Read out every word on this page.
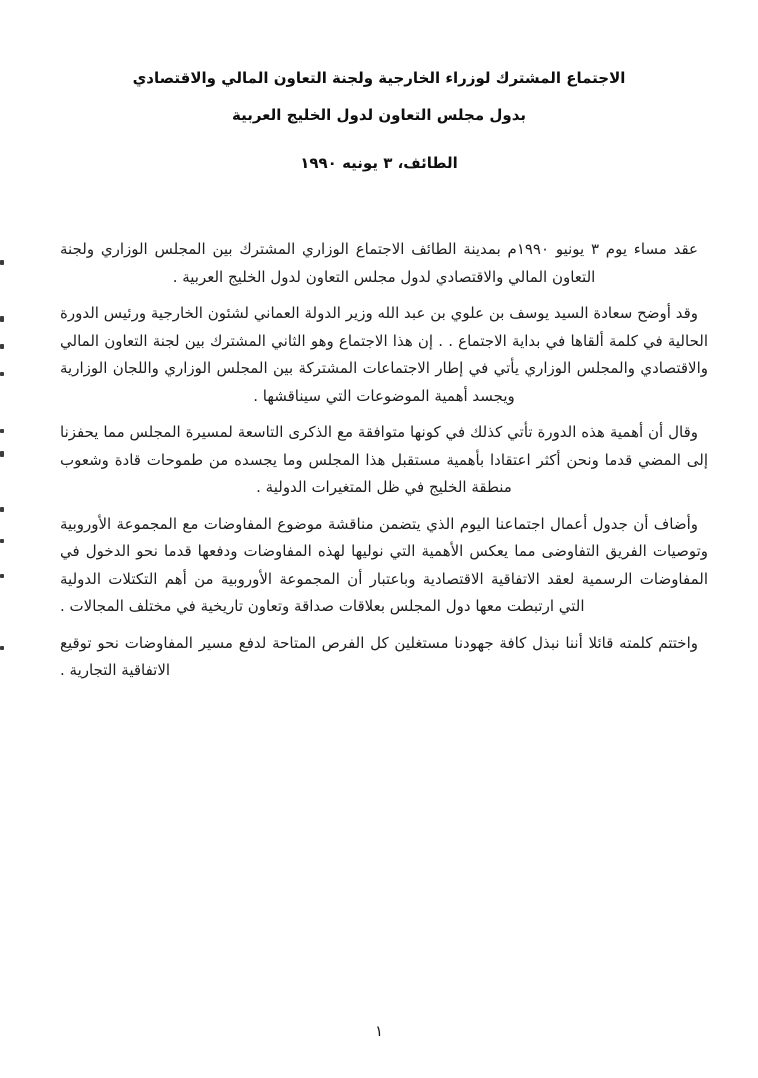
الاجتماع المشترك لوزراء الخارجية ولجنة التعاون المالي والاقتصادي
بدول مجلس التعاون لدول الخليج العربية
الطائف، ٣ يونيه ١٩٩٠

عقد مساء يوم ٣ يونيو ١٩٩٠م بمدينة الطائف الاجتماع الوزاري المشترك بين المجلس الوزاري ولجنة التعاون المالي والاقتصادي لدول مجلس التعاون لدول الخليج العربية .

وقد أوضح سعادة السيد يوسف بن علوي بن عبد الله وزير الدولة العماني لشئون الخارجية ورئيس الدورة الحالية في كلمة ألقاها في بداية الاجتماع . . إن هذا الاجتماع وهو الثاني المشترك بين لجنة التعاون المالي والاقتصادي والمجلس الوزاري يأتي في إطار الاجتماعات المشتركة بين المجلس الوزاري واللجان الوزارية ويجسد أهمية الموضوعات التي سيناقشها .

وقال أن أهمية هذه الدورة تأتي كذلك في كونها متوافقة مع الذكرى التاسعة لمسيرة المجلس مما يحفزنا إلى المضي قدما ونحن أكثر اعتقادا بأهمية مستقبل هذا المجلس وما يجسده من طموحات قادة وشعوب منطقة الخليج في ظل المتغيرات الدولية .

وأضاف أن جدول أعمال اجتماعنا اليوم الذي يتضمن مناقشة موضوع المفاوضات مع المجموعة الأوروبية وتوصيات الفريق التفاوضى مما يعكس الأهمية التي نوليها لهذه المفاوضات ودفعها قدما نحو الدخول في المفاوضات الرسمية لعقد الاتفاقية الاقتصادية وباعتبار أن المجموعة الأوروبية من أهم التكتلات الدولية التي ارتبطت معها دول المجلس بعلاقات صداقة وتعاون تاريخية في مختلف المجالات .

واختتم كلمته قائلا أننا نبذل كافة جهودنا مستغلين كل الفرص المتاحة لدفع مسير المفاوضات نحو توقيع الاتفاقية التجارية .

١
